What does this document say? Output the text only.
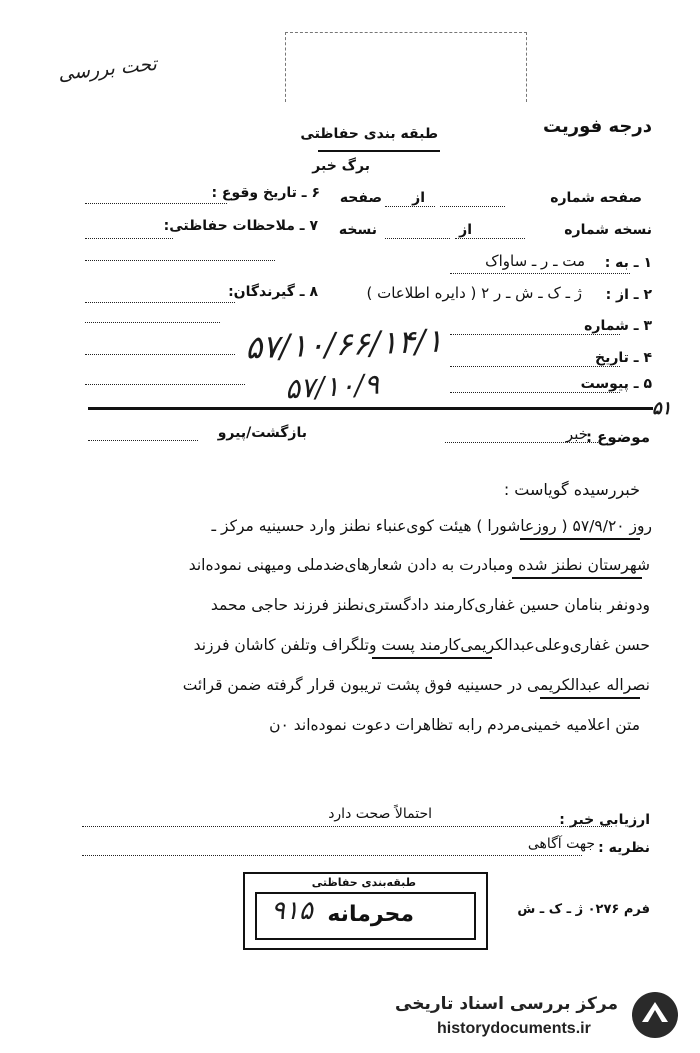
تحت بررسی
درجه فوریت
طبقه بندی حفاظتی
برگ خبر
صفحه شماره
از
صفحه
۶ ـ تاریخ وقوع :
نسخه شماره
از
نسخه
۷ ـ ملاحظات حفاظتی:
۱ ـ به :
مت ـ ر ـ ساواک
۲ ـ از :
ژ ـ ک ـ ش ـ ر ۲ ( دایره اطلاعات )
۸ ـ گیرندگان:
۳ ـ شماره
۴ ـ تاریخ
۵۷/۱۰/۶۶/۱۴/۱
۵ ـ پیوست
۵۷/۱۰/۹
۵۱
موضوع :
خبر
بازگشت/پیرو
خبررسیده گویاست :
روز ۵۷/۹/۲۰ ( روزعاشورا ) هیئت کوی‌عنباء نطنز وارد حسینیه مرکز ـ
شهرستان نطنز شده ومبادرت به دادن شعارهای‌ضدملی ومیهنی نموده‌اند
ودونفر بنامان حسین غفاری‌کارمند دادگستری‌نطنز فرزند حاجی محمد
حسن غفاری‌وعلی‌عبدالکریمی‌کارمند پست وتلگراف وتلفن کاشان فرزند
نصراله عبدالکریمی در حسینیه فوق پشت تریبون قرار گرفته ضمن قرائت
متن اعلامیه خمینی‌مردم رابه تظاهرات دعوت نموده‌اند ۰ن
ارزیابی خبر :
احتمالاً صحت دارد
نظریه :
جهت آگاهی
طبقه‌بندی حفاظتی
محرمانه
۹۱۵	فرم ۰۲۷۶ ژ ـ ک ـ ش
مرکز بررسی اسناد تاریخی
historydocuments.ir
